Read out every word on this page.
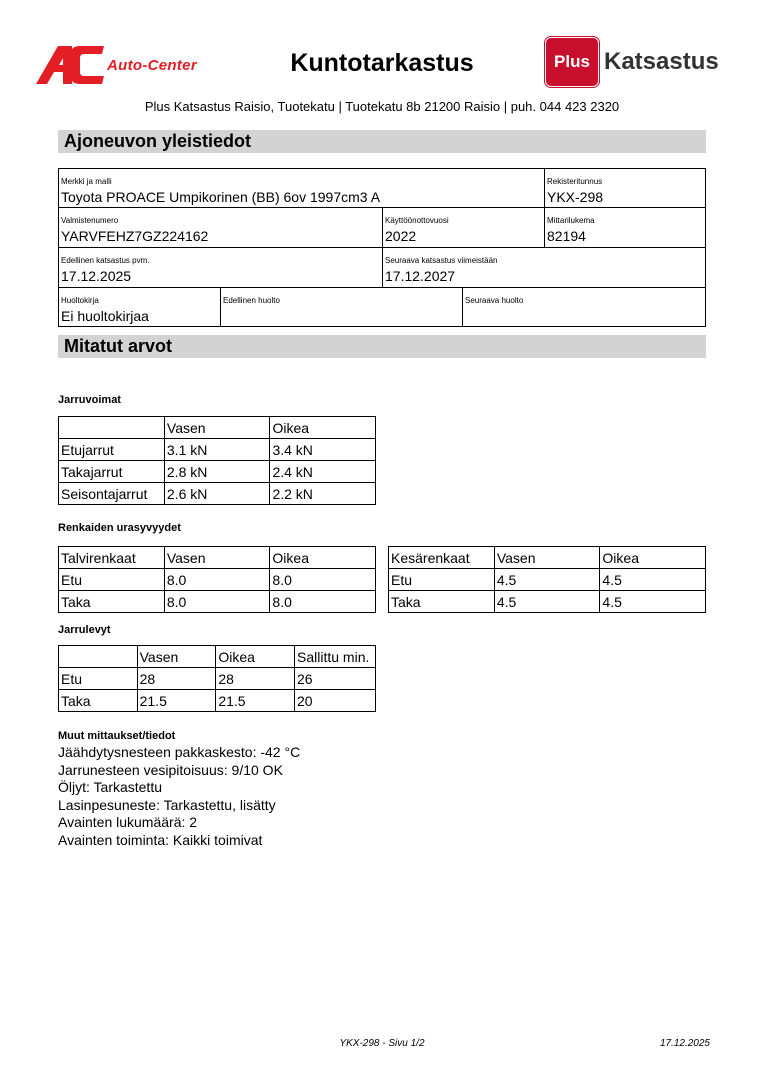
Auto-Center	Kuntotarkastus	Plus Katsastus
Plus Katsastus Raisio, Tuotekatu | Tuotekatu 8b 21200 Raisio | puh. 044 423 2320
Ajoneuvon yleistiedot
Merkki ja malli
Toyota PROACE Umpikorinen (BB) 6ov 1997cm3 A
Rekisteritunnus
YKX-298
Valmistenumero
YARVFEHZ7GZ224162
Käyttöönottovuosi
2022
Mittarilukema
82194
Edellinen katsastus pvm.
17.12.2025
Seuraava katsastus viimeistään
17.12.2027
Huoltokirja
Ei huoltokirjaa
Edellinen huolto	Seuraava huolto
Mitatut arvot
Jarruvoimat
	Vasen	Oikea
Etujarrut	3.1 kN	3.4 kN
Takajarrut	2.8 kN	2.4 kN
Seisontajarrut	2.6 kN	2.2 kN
Renkaiden urasyvyydet
Talvirenkaat	Vasen	Oikea
Etu	8.0	8.0
Taka	8.0	8.0
Kesärenkaat	Vasen	Oikea
Etu	4.5	4.5
Taka	4.5	4.5
Jarrulevyt
	Vasen	Oikea	Sallittu min.
Etu	28	28	26
Taka	21.5	21.5	20
Muut mittaukset/tiedot
Jäähdytysnesteen pakkaskesto: -42 °C
Jarrunesteen vesipitoisuus: 9/10 OK
Öljyt: Tarkastettu
Lasinpesuneste: Tarkastettu, lisätty
Avainten lukumäärä: 2
Avainten toiminta: Kaikki toimivat
YKX-298 - Sivu 1/2	17.12.2025
